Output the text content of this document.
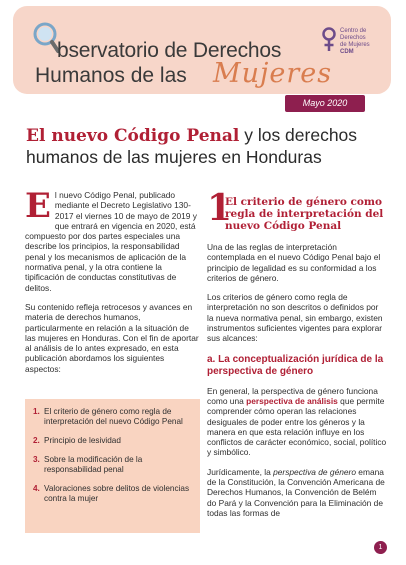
Centro de
Derechos
de Mujeres
CDM
bservatorio de Derechos
Humanos de las Mujeres
Mayo 2020
El nuevo Código Penal y los derechos humanos de las mujeres en Honduras

El nuevo Código Penal, publicado mediante el Decreto Legislativo 130-2017 el viernes 10 de mayo de 2019 y que entrará en vigencia en 2020, está compuesto por dos partes especiales una describe los principios, la responsabilidad penal y los mecanismos de aplicación de la normativa penal, y la otra contiene la tipificación de conductas constitutivas de delitos.

Su contenido refleja retrocesos y avances en materia de derechos humanos, particularmente en relación a la situación de las mujeres en Honduras. Con el fin de aportar al análisis de lo antes expresado, en esta publicación abordamos los siguientes aspectos:

1. El criterio de género como regla de interpretación del nuevo Código Penal
2. Principio de lesividad
3. Sobre la modificación de la responsabilidad penal
4. Valoraciones sobre delitos de violencias contra la mujer
1
El criterio de género como regla de interpretación del nuevo Código Penal

Una de las reglas de interpretación contemplada en el nuevo Código Penal bajo el principio de legalidad es su conformidad a los criterios de género.

Los criterios de género como regla de interpretación no son descritos o definidos por la nueva normativa penal, sin embargo, existen instrumentos suficientes vigentes para explorar sus alcances:

a. La conceptualización jurídica de la perspectiva de género

En general, la perspectiva de género funciona como una perspectiva de análisis que permite comprender cómo operan las relaciones desiguales de poder entre los géneros y la manera en que esta relación influye en los conflictos de carácter económico, social, político y simbólico.

Jurídicamente, la perspectiva de género emana de la Constitución, la Convención Americana de Derechos Humanos, la Convención de Belém do Pará y la Convención para la Eliminación de todas las formas de

1
